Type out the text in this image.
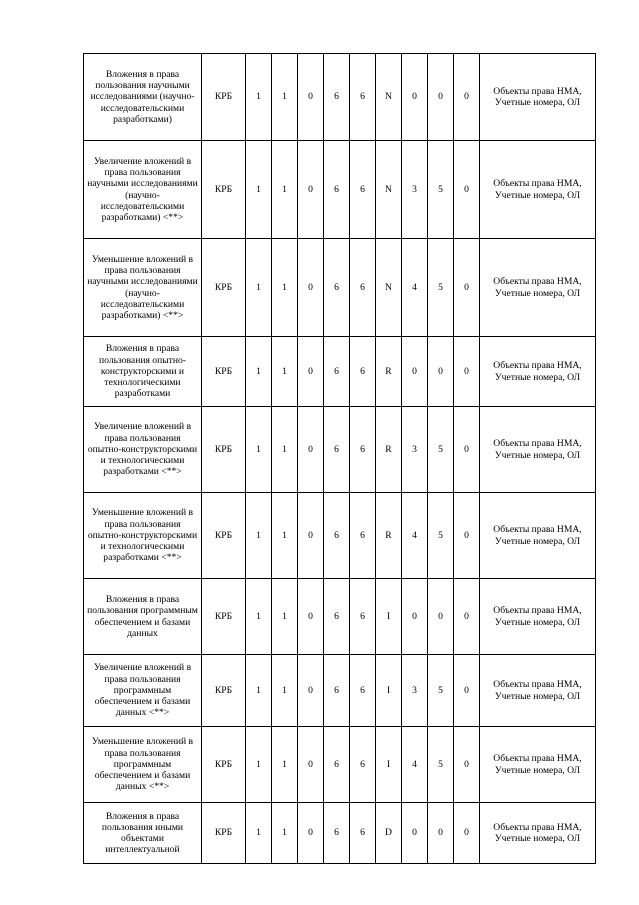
Вложения в права пользования научными исследованиями (научно-исследовательскими разработками)	КРБ	1	1	0	6	6	N	0	0	0	Объекты права НМА,
Учетные номера, ОЛ

Увеличение вложений в права пользования научными исследованиями (научно-исследовательскими разработками) <**>	КРБ	1	1	0	6	6	N	3	5	0	Объекты права НМА,
Учетные номера, ОЛ

Уменьшение вложений в права пользования научными исследованиями (научно-исследовательскими разработками) <**>	КРБ	1	1	0	6	6	N	4	5	0	Объекты права НМА,
Учетные номера, ОЛ

Вложения в права пользования опытно-конструкторскими и технологическими разработками	КРБ	1	1	0	6	6	R	0	0	0	Объекты права НМА,
Учетные номера, ОЛ

Увеличение вложений в права пользования опытно-конструкторскими и технологическими разработками <**>	КРБ	1	1	0	6	6	R	3	5	0	Объекты права НМА,
Учетные номера, ОЛ

Уменьшение вложений в права пользования опытно-конструкторскими и технологическими разработками <**>	КРБ	1	1	0	6	6	R	4	5	0	Объекты права НМА,
Учетные номера, ОЛ

Вложения в права пользования программным обеспечением и базами данных	КРБ	1	1	0	6	6	I	0	0	0	Объекты права НМА,
Учетные номера, ОЛ

Увеличение вложений в права пользования программным обеспечением и базами данных <**>	КРБ	1	1	0	6	6	I	3	5	0	Объекты права НМА,
Учетные номера, ОЛ

Уменьшение вложений в права пользования программным обеспечением и базами данных <**>	КРБ	1	1	0	6	6	I	4	5	0	Объекты права НМА,
Учетные номера, ОЛ

Вложения в права пользования иными объектами интеллектуальной	КРБ	1	1	0	6	6	D	0	0	0	Объекты права НМА,
Учетные номера, ОЛ
